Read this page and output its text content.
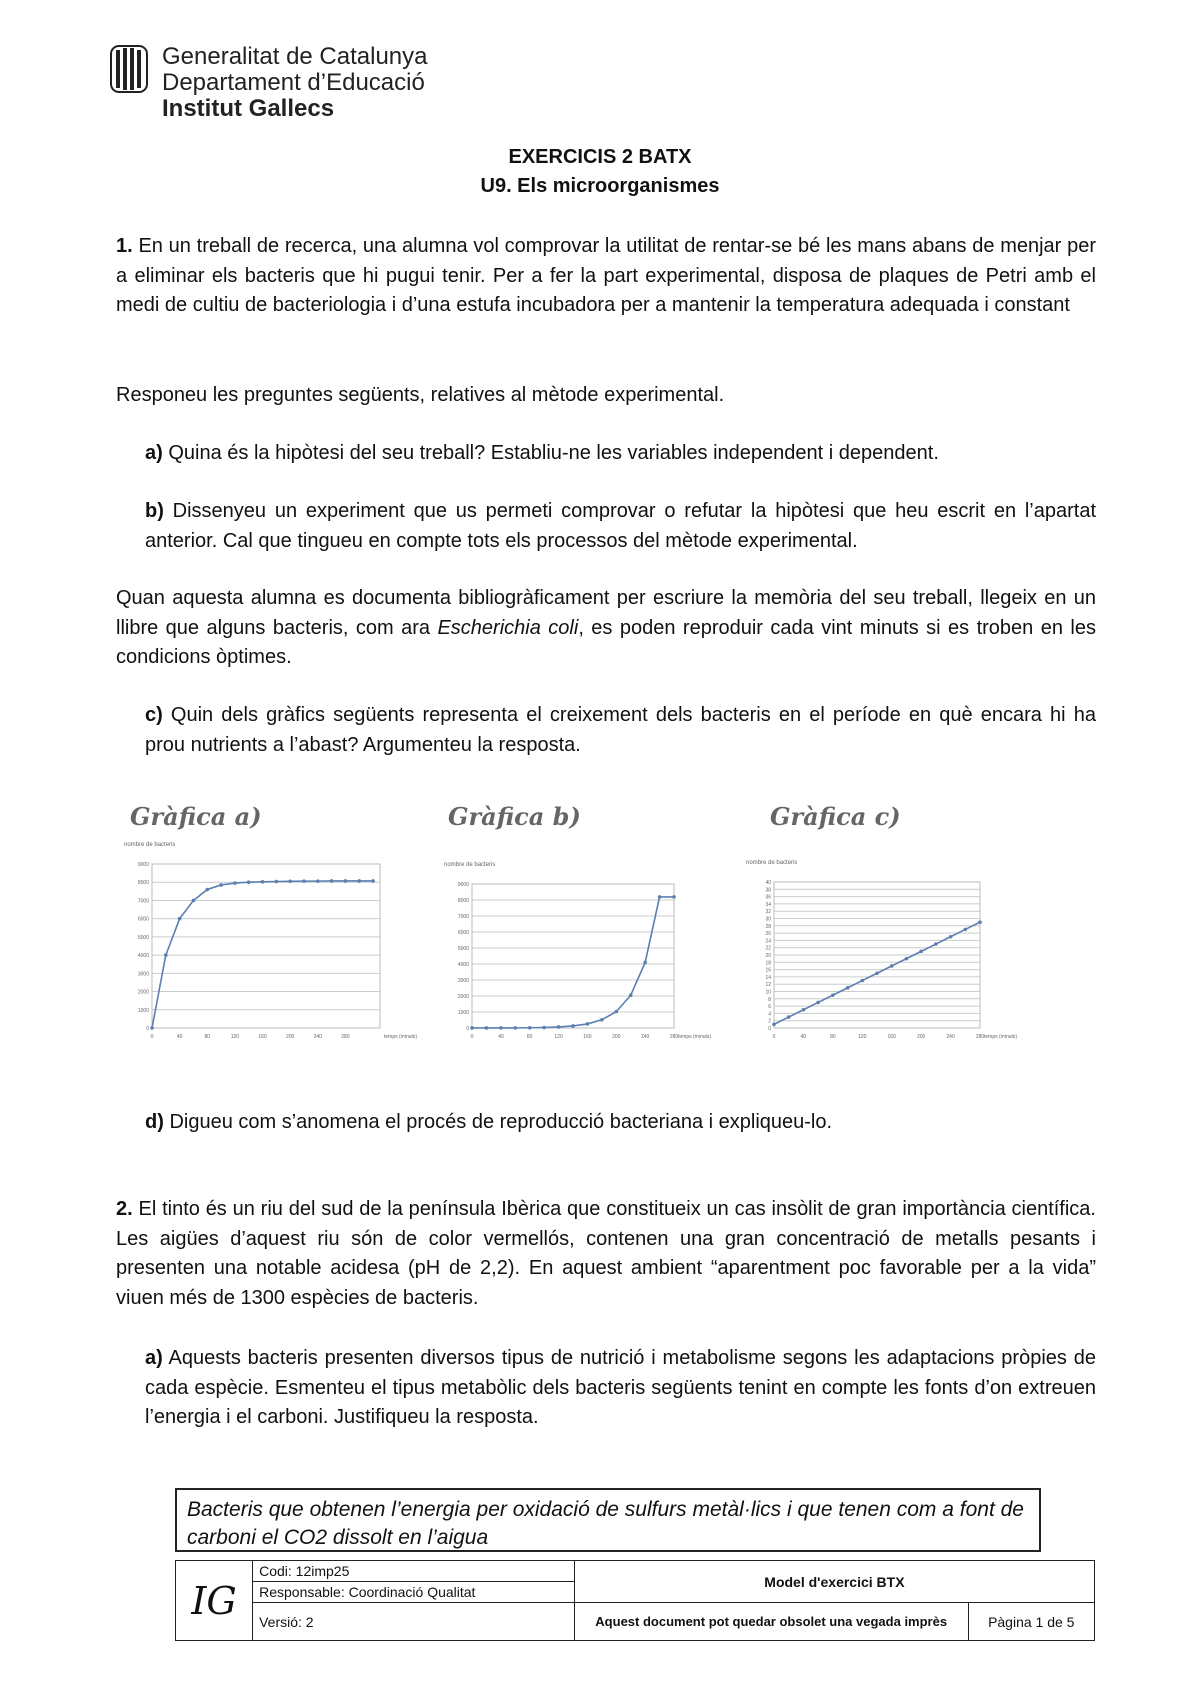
Generalitat de Catalunya
Departament d’Educació
Institut Gallecs
EXERCICIS 2 BATX
U9. Els microorganismes
1. En un treball de recerca, una alumna vol comprovar la utilitat de rentar-se bé les mans abans de menjar per a eliminar els bacteris que hi pugui tenir. Per a fer la part experimental, disposa de plaques de Petri amb el medi de cultiu de bacteriologia i d’una estufa incubadora per a mantenir la temperatura adequada i constant
Responeu les preguntes següents, relatives al mètode experimental.
a) Quina és la hipòtesi del seu treball? Establiu-ne les variables independent i dependent.
b) Dissenyeu un experiment que us permeti comprovar o refutar la hipòtesi que heu escrit en l’apartat anterior. Cal que tingueu en compte tots els processos del mètode experimental.
Quan aquesta alumna es documenta bibliogràficament per escriure la memòria del seu treball, llegeix en un llibre que alguns bacteris, com ara Escherichia coli, es poden reproduir cada vint minuts si es troben en les condicions òptimes.
c) Quin dels gràfics següents representa el creixement dels bacteris en el període en què encara hi ha prou nutrients a l’abast? Argumenteu la resposta.
Gràfica a)
nombre de bacteris
0
1000
2000
3000
4000
5000
6000
7000
8000
9000
0	40	80	120	160	200	240	280	temps (minuts)
Gràfica b)
nombre de bacteris
0
1000
2000
3000
4000
5000
6000
7000
8000
9000
0	40	80	120	160	200	240	280 temps (minuts)
Gràfica c)
nombre de bacteris
0
2
4
6
8
10
12
14
16
18
20
22
24
26
28
30
32
34
36
38
40
0	40	80	120	160	200	240	280 temps (minuts)
d) Digueu com s’anomena el procés de reproducció bacteriana i expliqueu-lo.
2. El tinto és un riu del sud de la península Ibèrica que constitueix un cas insòlit de gran importància científica. Les aigües d’aquest riu són de color vermellós, contenen una gran concentració de metalls pesants i presenten una notable acidesa (pH de 2,2). En aquest ambient “aparentment poc favorable per a la vida” viuen més de 1300 espècies de bacteris.
a) Aquests bacteris presenten diversos tipus de nutrició i metabolisme segons les adaptacions pròpies de cada espècie. Esmenteu el tipus metabòlic dels bacteris següents tenint en compte les fonts d’on extreuen l’energia i el carboni. Justifiqueu la resposta.
Bacteris que obtenen l’energia per oxidació de sulfurs metàl·lics i que tenen com a font de carboni el CO2 dissolt en l’aigua
IG	Codi: 12imp25	Model d'exercici BTX	
	Responsable: Coordinació Qualitat		
	Versió: 2	Aquest document pot quedar obsolet una vegada imprès	Pàgina 1 de 5
